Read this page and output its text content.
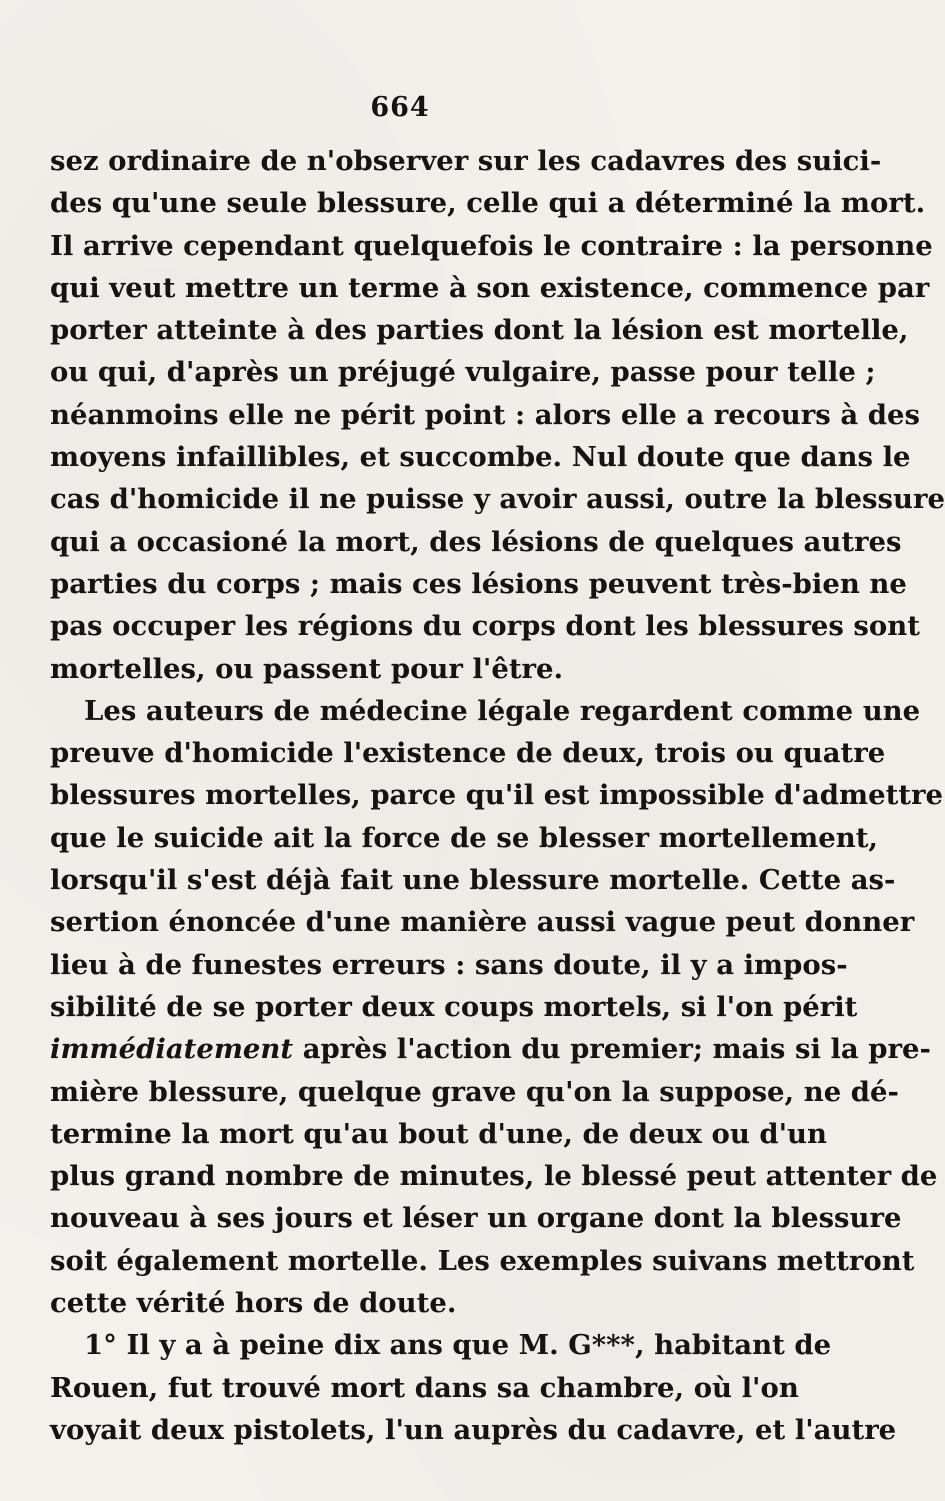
664
sez ordinaire de n'observer sur les cadavres des suici-
des qu'une seule blessure, celle qui a déterminé la mort.
Il arrive cependant quelquefois le contraire : la personne
qui veut mettre un terme à son existence, commence par
porter atteinte à des parties dont la lésion est mortelle,
ou qui, d'après un préjugé vulgaire, passe pour telle ;
néanmoins elle ne périt point : alors elle a recours à des
moyens infaillibles, et succombe. Nul doute que dans le
cas d'homicide il ne puisse y avoir aussi, outre la blessure
qui a occasioné la mort, des lésions de quelques autres
parties du corps ; mais ces lésions peuvent très-bien ne
pas occuper les régions du corps dont les blessures sont
mortelles, ou passent pour l'être.
Les auteurs de médecine légale regardent comme une
preuve d'homicide l'existence de deux, trois ou quatre
blessures mortelles, parce qu'il est impossible d'admettre
que le suicide ait la force de se blesser mortellement,
lorsqu'il s'est déjà fait une blessure mortelle. Cette as-
sertion énoncée d'une manière aussi vague peut donner
lieu à de funestes erreurs : sans doute, il y a impos-
sibilité de se porter deux coups mortels, si l'on périt
immédiatement après l'action du premier; mais si la pre-
mière blessure, quelque grave qu'on la suppose, ne dé-
termine la mort qu'au bout d'une, de deux ou d'un
plus grand nombre de minutes, le blessé peut attenter de
nouveau à ses jours et léser un organe dont la blessure
soit également mortelle. Les exemples suivans mettront
cette vérité hors de doute.
1° Il y a à peine dix ans que M. G***, habitant de
Rouen, fut trouvé mort dans sa chambre, où l'on
voyait deux pistolets, l'un auprès du cadavre, et l'autre
